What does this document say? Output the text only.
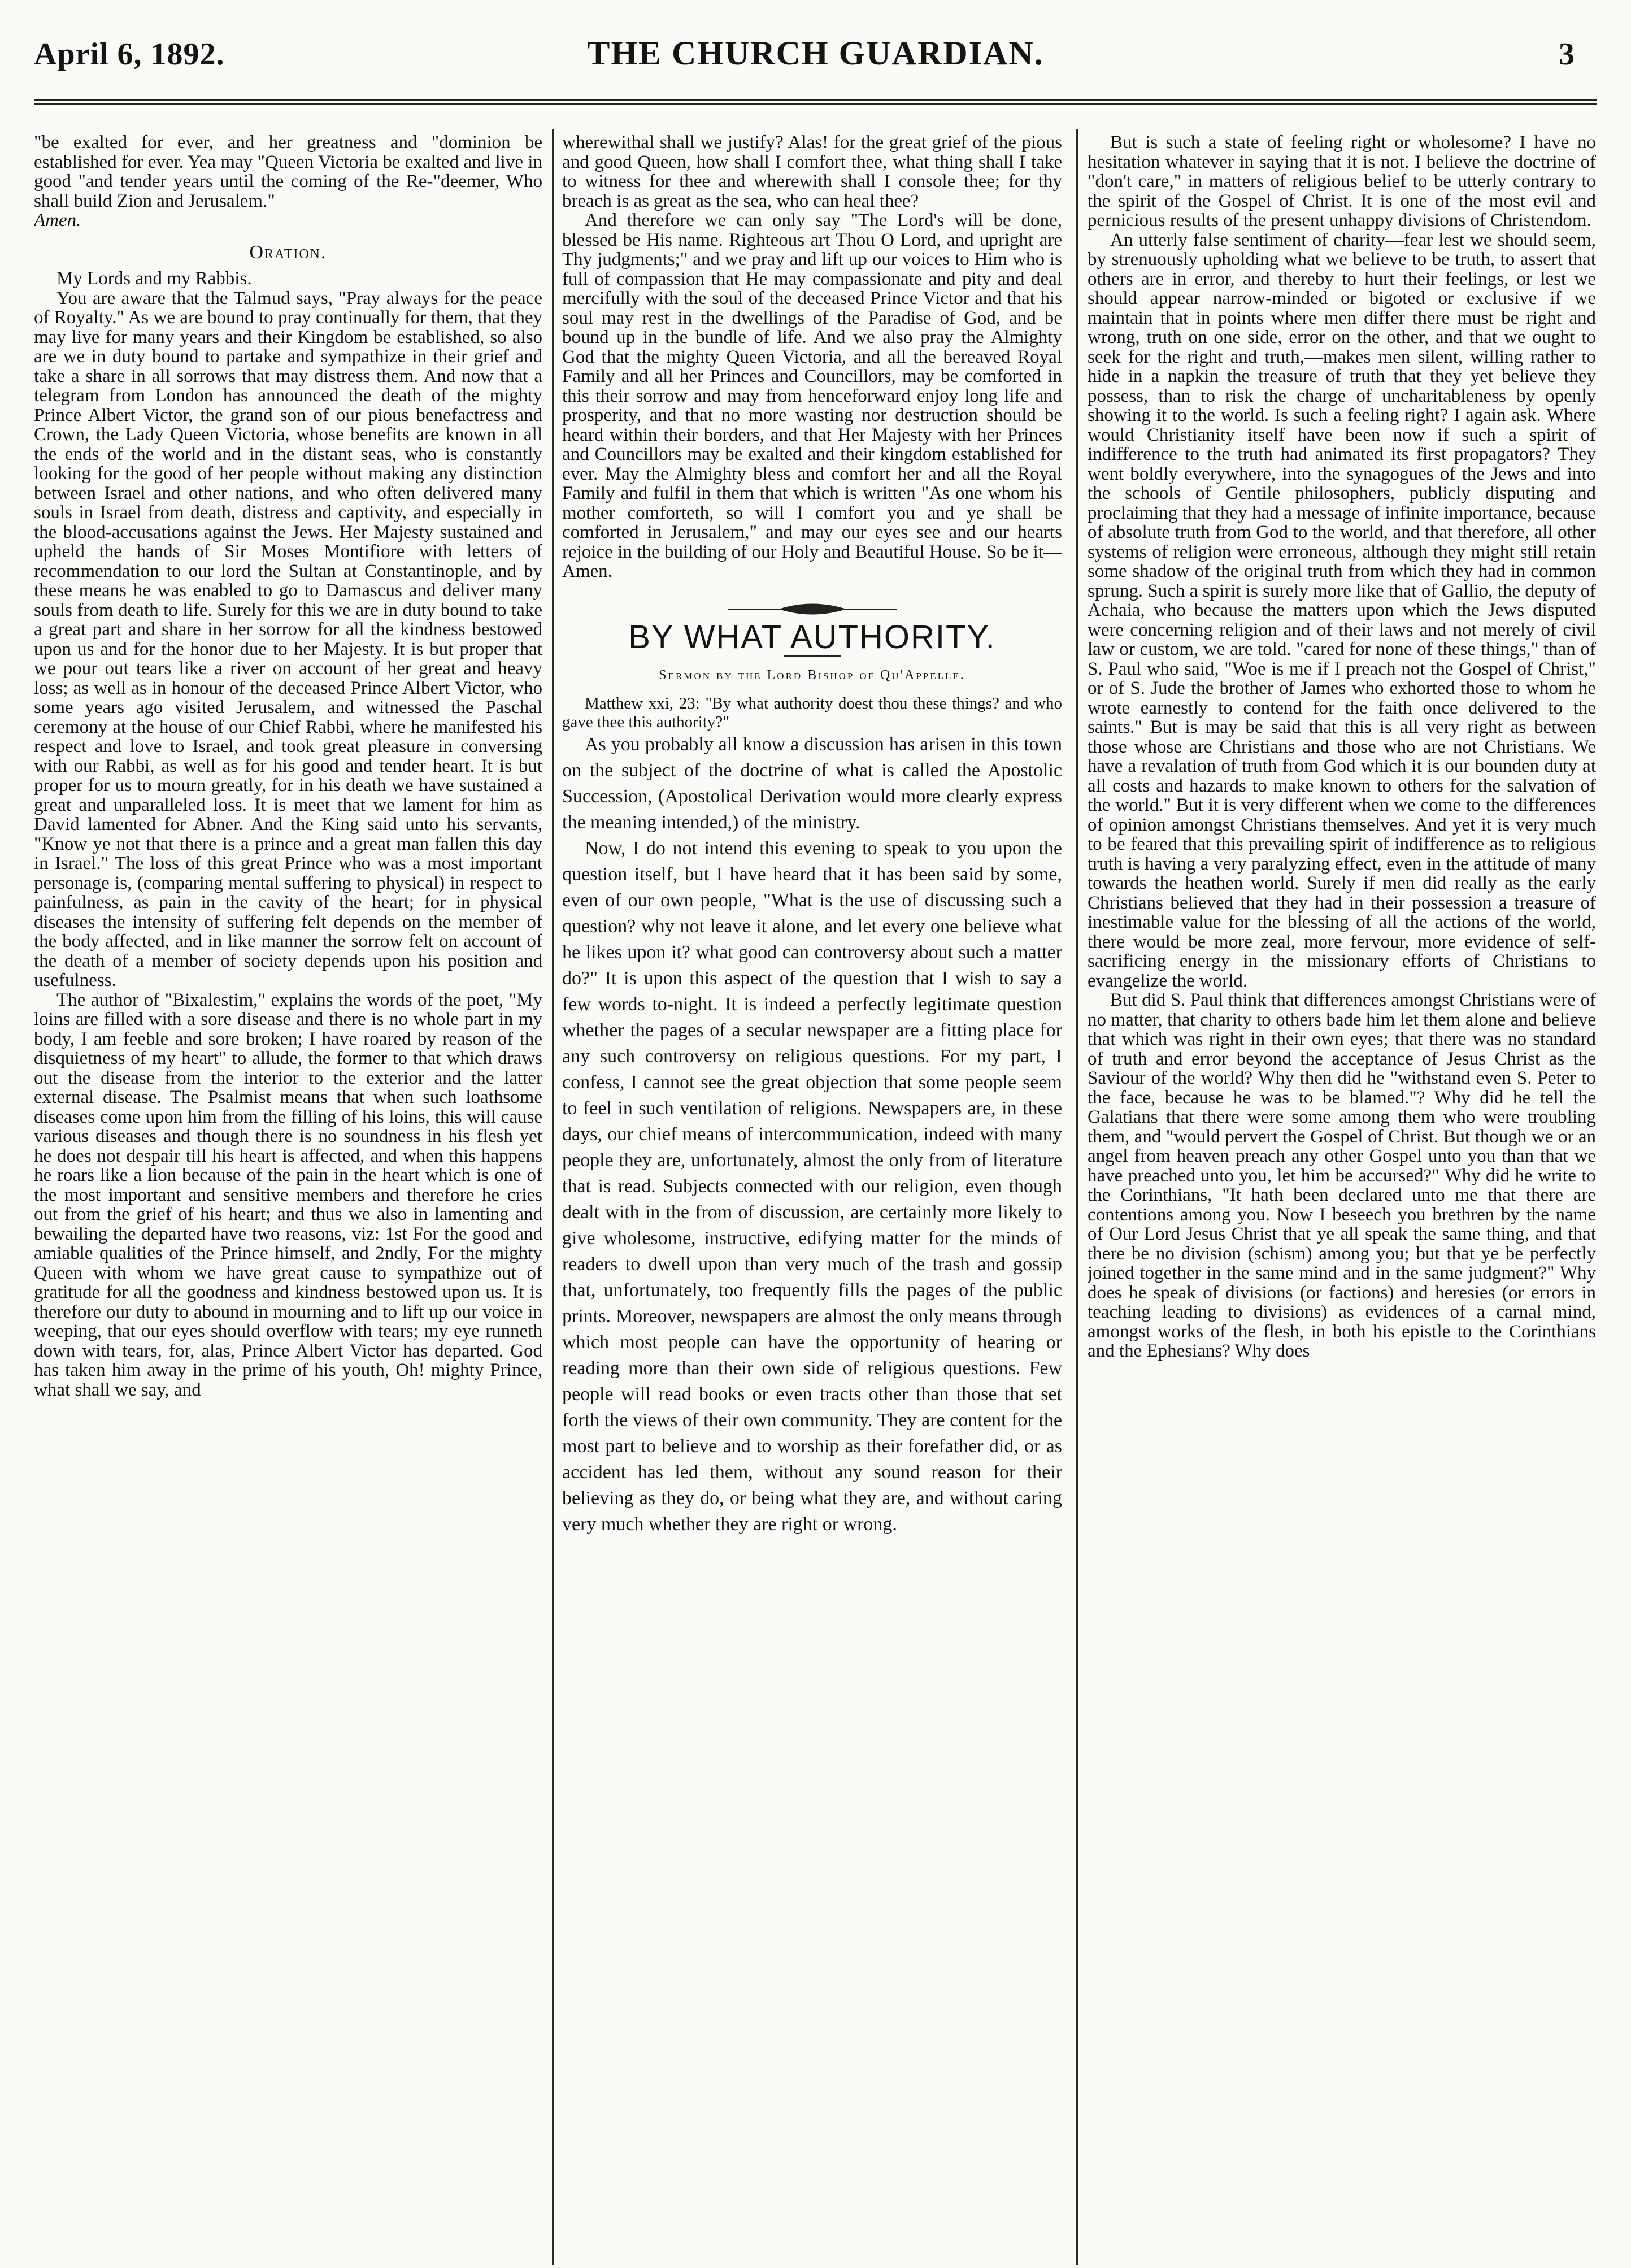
April 6, 1892.	THE CHURCH GUARDIAN.	3

"be exalted for ever, and her greatness and "dominion be established for ever. Yea may "Queen Victoria be exalted and live in good "and tender years until the coming of the Re-"deemer, Who shall build Zion and Jerusalem."

Amen.

Oration.

My Lords and my Rabbis.

You are aware that the Talmud says, "Pray always for the peace of Royalty." As we are bound to pray continually for them, that they may live for many years and their Kingdom be established, so also are we in duty bound to partake and sympathize in their grief and take a share in all sorrows that may distress them. And now that a telegram from London has announced the death of the mighty Prince Albert Victor, the grand son of our pious benefactress and Crown, the Lady Queen Victoria, whose benefits are known in all the ends of the world and in the distant seas, who is constantly looking for the good of her people without making any distinction between Israel and other nations, and who often delivered many souls in Israel from death, distress and captivity, and especially in the blood-accusations against the Jews. Her Majesty sustained and upheld the hands of Sir Moses Montifiore with letters of recommendation to our lord the Sultan at Constantinople, and by these means he was enabled to go to Damascus and deliver many souls from death to life. Surely for this we are in duty bound to take a great part and share in her sorrow for all the kindness bestowed upon us and for the honor due to her Majesty. It is but proper that we pour out tears like a river on account of her great and heavy loss; as well as in honour of the deceased Prince Albert Victor, who some years ago visited Jerusalem, and witnessed the Paschal ceremony at the house of our Chief Rabbi, where he manifested his respect and love to Israel, and took great pleasure in conversing with our Rabbi, as well as for his good and tender heart. It is but proper for us to mourn greatly, for in his death we have sustained a great and unparalleled loss. It is meet that we lament for him as David lamented for Abner. And the King said unto his servants, "Know ye not that there is a prince and a great man fallen this day in Israel." The loss of this great Prince who was a most important personage is, (comparing mental suffering to physical) in respect to painfulness, as pain in the cavity of the heart; for in physical diseases the intensity of suffering felt depends on the member of the body affected, and in like manner the sorrow felt on account of the death of a member of society depends upon his position and usefulness.

The author of "Bixalestim," explains the words of the poet, "My loins are filled with a sore disease and there is no whole part in my body, I am feeble and sore broken; I have roared by reason of the disquietness of my heart" to allude, the former to that which draws out the disease from the interior to the exterior and the latter external disease. The Psalmist means that when such loathsome diseases come upon him from the filling of his loins, this will cause various diseases and though there is no soundness in his flesh yet he does not despair till his heart is affected, and when this happens he roars like a lion because of the pain in the heart which is one of the most important and sensitive members and therefore he cries out from the grief of his heart; and thus we also in lamenting and bewailing the departed have two reasons, viz: 1st For the good and amiable qualities of the Prince himself, and 2ndly, For the mighty Queen with whom we have great cause to sympathize out of gratitude for all the goodness and kindness bestowed upon us. It is therefore our duty to abound in mourning and to lift up our voice in weeping, that our eyes should overflow with tears; my eye runneth down with tears, for, alas, Prince Albert Victor has departed. God has taken him away in the prime of his youth, Oh! mighty Prince, what shall we say, and

wherewithal shall we justify? Alas! for the great grief of the pious and good Queen, how shall I comfort thee, what thing shall I take to witness for thee and wherewith shall I console thee; for thy breach is as great as the sea, who can heal thee?

And therefore we can only say "The Lord's will be done, blessed be His name. Righteous art Thou O Lord, and upright are Thy judgments;" and we pray and lift up our voices to Him who is full of compassion that He may compassionate and pity and deal mercifully with the soul of the deceased Prince Victor and that his soul may rest in the dwellings of the Paradise of God, and be bound up in the bundle of life. And we also pray the Almighty God that the mighty Queen Victoria, and all the bereaved Royal Family and all her Princes and Councillors, may be comforted in this their sorrow and may from henceforward enjoy long life and prosperity, and that no more wasting nor destruction should be heard within their borders, and that Her Majesty with her Princes and Councillors may be exalted and their kingdom established for ever. May the Almighty bless and comfort her and all the Royal Family and fulfil in them that which is written "As one whom his mother comforteth, so will I comfort you and ye shall be comforted in Jerusalem," and may our eyes see and our hearts rejoice in the building of our Holy and Beautiful House. So be it—Amen.

BY WHAT AUTHORITY.
Sermon by the Lord Bishop of Qu'Appelle.

Matthew xxi, 23: "By what authority doest thou these things? and who gave thee this authority?"

As you probably all know a discussion has arisen in this town on the subject of the doctrine of what is called the Apostolic Succession, (Apostolical Derivation would more clearly express the meaning intended,) of the ministry.

Now, I do not intend this evening to speak to you upon the question itself, but I have heard that it has been said by some, even of our own people, "What is the use of discussing such a question? why not leave it alone, and let every one believe what he likes upon it? what good can controversy about such a matter do?" It is upon this aspect of the question that I wish to say a few words to-night. It is indeed a perfectly legitimate question whether the pages of a secular newspaper are a fitting place for any such controversy on religious questions. For my part, I confess, I cannot see the great objection that some people seem to feel in such ventilation of religions. Newspapers are, in these days, our chief means of intercommunication, indeed with many people they are, unfortunately, almost the only from of literature that is read. Subjects connected with our religion, even though dealt with in the from of discussion, are certainly more likely to give wholesome, instructive, edifying matter for the minds of readers to dwell upon than very much of the trash and gossip that, unfortunately, too frequently fills the pages of the public prints. Moreover, newspapers are almost the only means through which most people can have the opportunity of hearing or reading more than their own side of religious questions. Few people will read books or even tracts other than those that set forth the views of their own community. They are content for the most part to believe and to worship as their forefather did, or as accident has led them, without any sound reason for their believing as they do, or being what they are, and without caring very much whether they are right or wrong.

But is such a state of feeling right or wholesome? I have no hesitation whatever in saying that it is not. I believe the doctrine of "don't care," in matters of religious belief to be utterly contrary to the spirit of the Gospel of Christ. It is one of the most evil and pernicious results of the present unhappy divisions of Christendom.

An utterly false sentiment of charity—fear lest we should seem, by strenuously upholding what we believe to be truth, to assert that others are in error, and thereby to hurt their feelings, or lest we should appear narrow-minded or bigoted or exclusive if we maintain that in points where men differ there must be right and wrong, truth on one side, error on the other, and that we ought to seek for the right and truth,—makes men silent, willing rather to hide in a napkin the treasure of truth that they yet believe they possess, than to risk the charge of uncharitableness by openly showing it to the world. Is such a feeling right? I again ask. Where would Christianity itself have been now if such a spirit of indifference to the truth had animated its first propagators? They went boldly everywhere, into the synagogues of the Jews and into the schools of Gentile philosophers, publicly disputing and proclaiming that they had a message of infinite importance, because of absolute truth from God to the world, and that therefore, all other systems of religion were erroneous, although they might still retain some shadow of the original truth from which they had in common sprung. Such a spirit is surely more like that of Gallio, the deputy of Achaia, who because the matters upon which the Jews disputed were concerning religion and of their laws and not merely of civil law or custom, we are told. "cared for none of these things," than of S. Paul who said, "Woe is me if I preach not the Gospel of Christ," or of S. Jude the brother of James who exhorted those to whom he wrote earnestly to contend for the faith once delivered to the saints." But is may be said that this is all very right as between those whose are Christians and those who are not Christians. We have a revalation of truth from God which it is our bounden duty at all costs and hazards to make known to others for the salvation of the world." But it is very different when we come to the differences of opinion amongst Christians themselves. And yet it is very much to be feared that this prevailing spirit of indifference as to religious truth is having a very paralyzing effect, even in the attitude of many towards the heathen world. Surely if men did really as the early Christians believed that they had in their possession a treasure of inestimable value for the blessing of all the actions of the world, there would be more zeal, more fervour, more evidence of self-sacrificing energy in the missionary efforts of Christians to evangelize the world.

But did S. Paul think that differences amongst Christians were of no matter, that charity to others bade him let them alone and believe that which was right in their own eyes; that there was no standard of truth and error beyond the acceptance of Jesus Christ as the Saviour of the world? Why then did he "withstand even S. Peter to the face, because he was to be blamed."? Why did he tell the Galatians that there were some among them who were troubling them, and "would pervert the Gospel of Christ. But though we or an angel from heaven preach any other Gospel unto you than that we have preached unto you, let him be accursed?" Why did he write to the Corinthians, "It hath been declared unto me that there are contentions among you. Now I beseech you brethren by the name of Our Lord Jesus Christ that ye all speak the same thing, and that there be no division (schism) among you; but that ye be perfectly joined together in the same mind and in the same judgment?" Why does he speak of divisions (or factions) and heresies (or errors in teaching leading to divisions) as evidences of a carnal mind, amongst works of the flesh, in both his epistle to the Corinthians and the Ephesians? Why does
